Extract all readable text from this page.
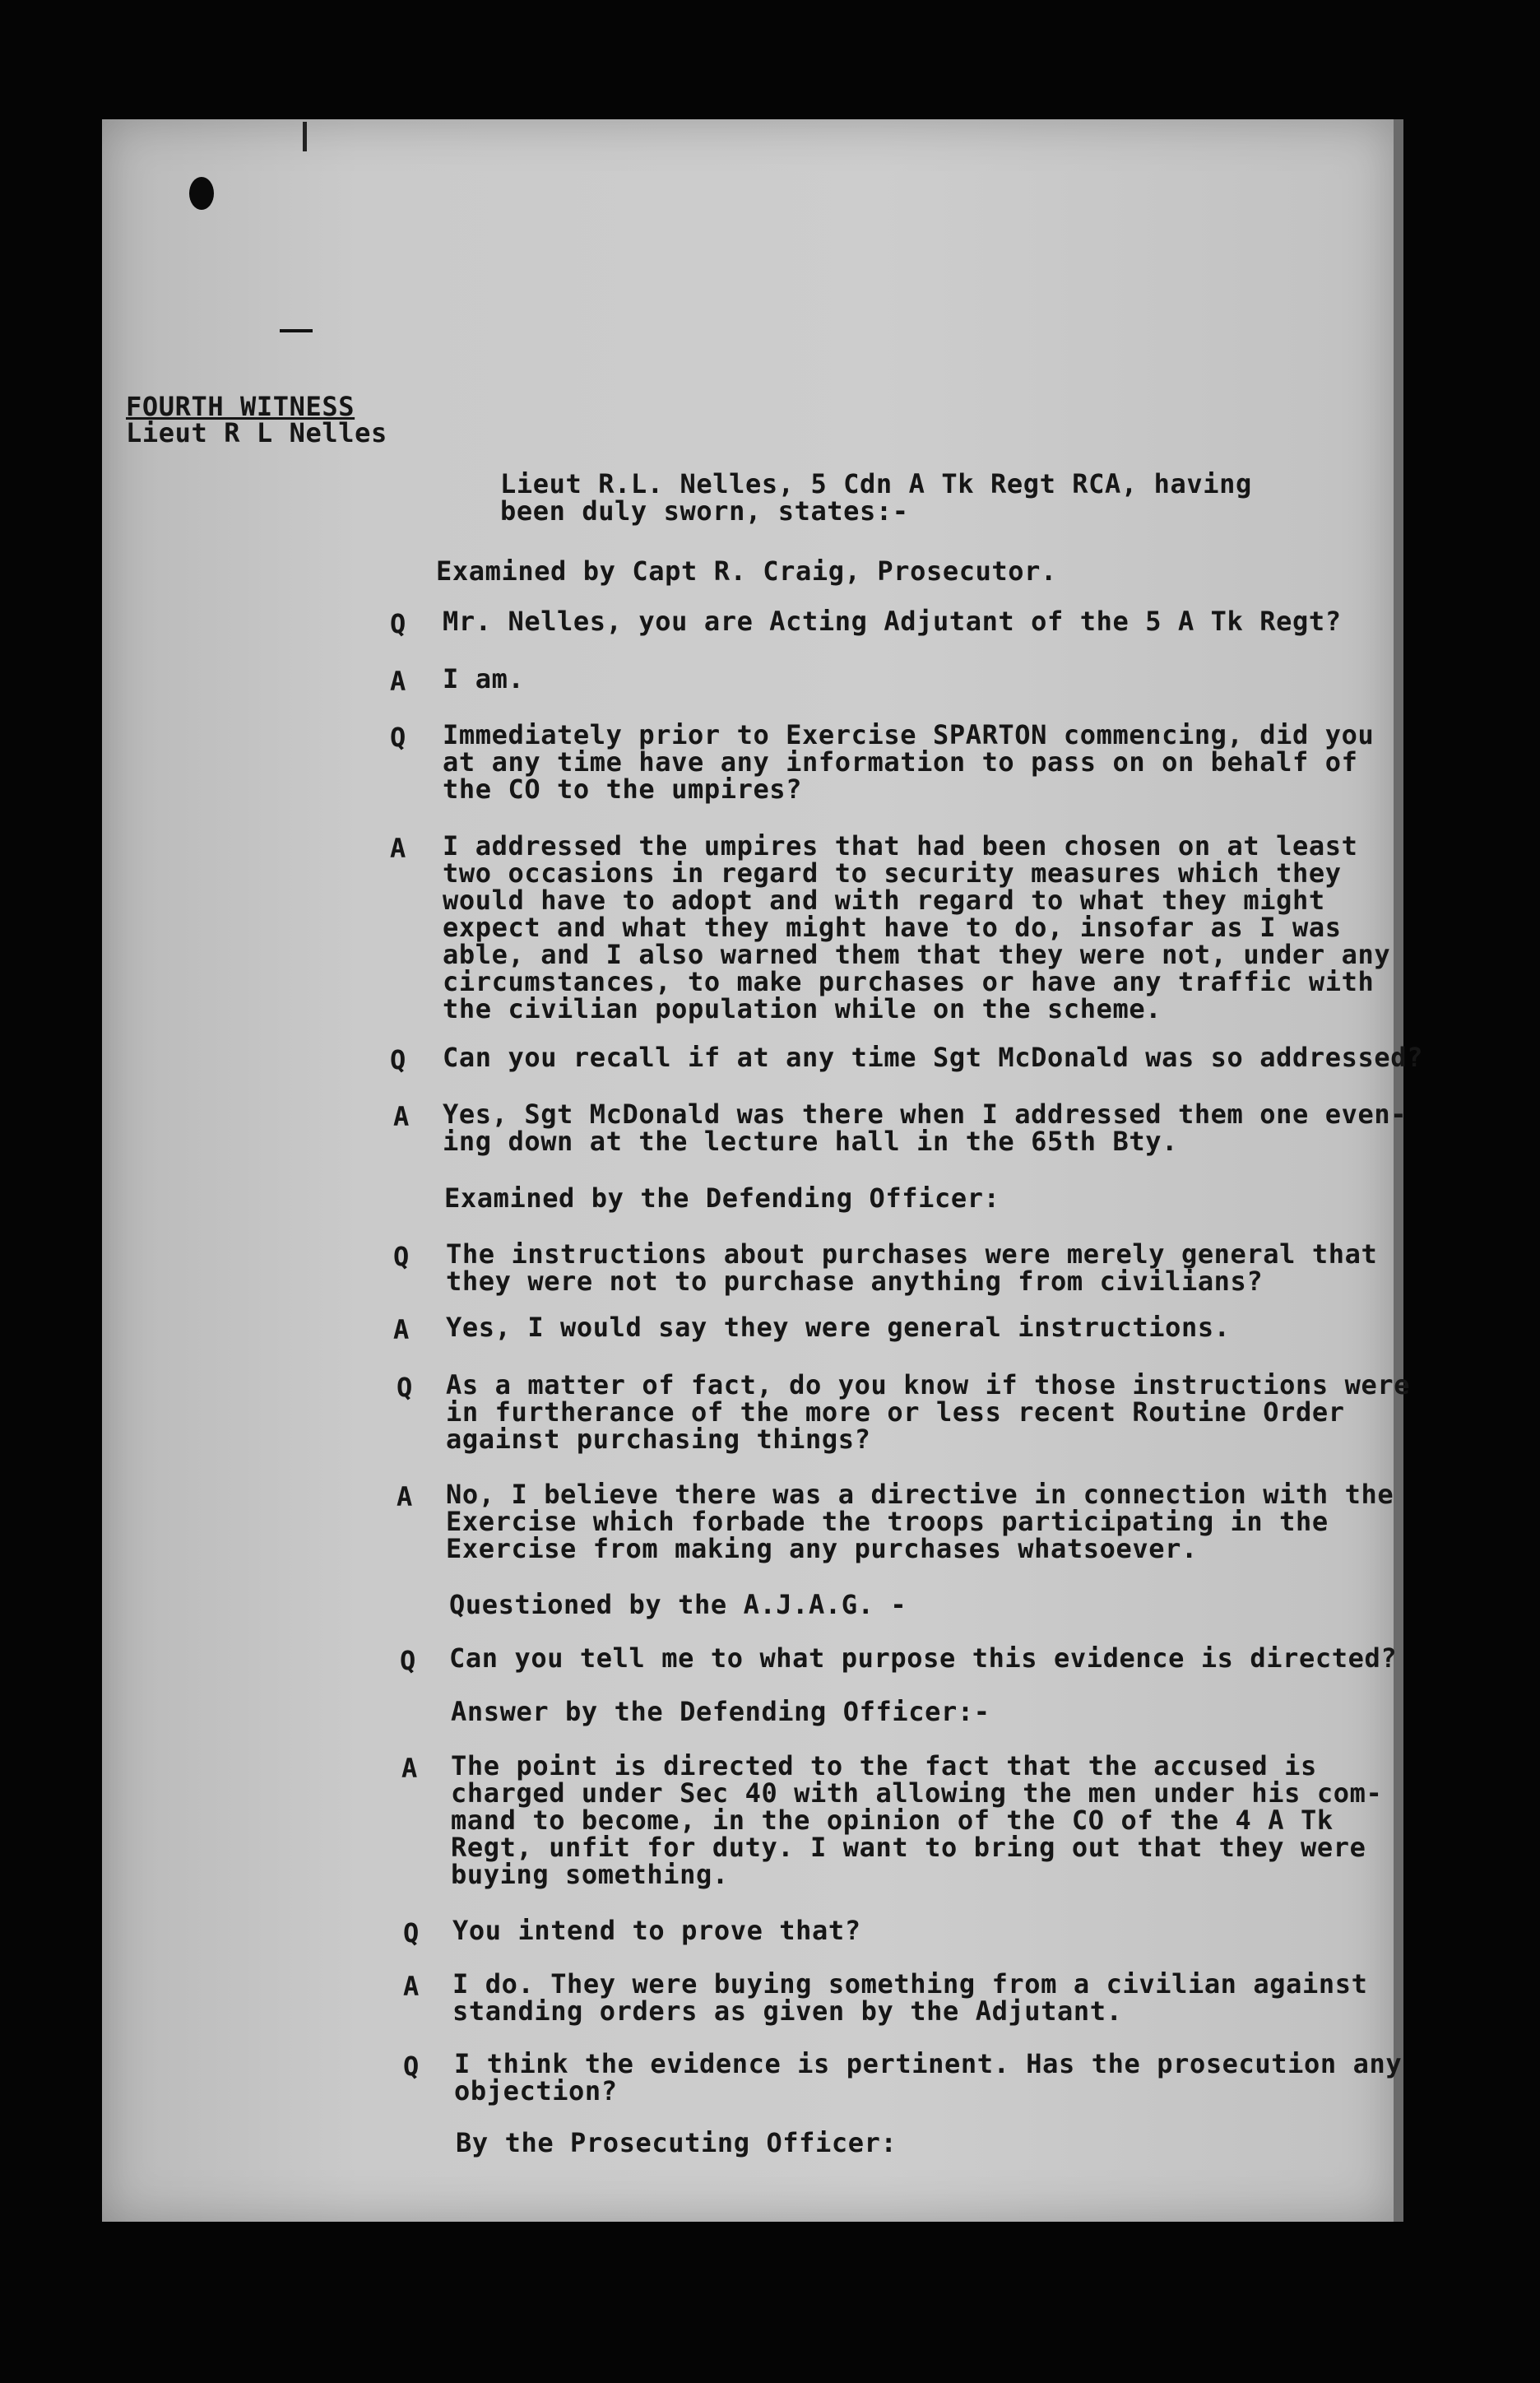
FOURTH WITNESS
Lieut R L Nelles
Lieut R.L. Nelles, 5 Cdn A Tk Regt RCA, having
been duly sworn, states:-
Examined by Capt R. Craig, Prosecutor.
Q Mr. Nelles, you are Acting Adjutant of the 5 A Tk Regt?
A I am.
Q Immediately prior to Exercise SPARTON commencing, did you
at any time have any information to pass on on behalf of
the CO to the umpires?
A I addressed the umpires that had been chosen on at least
two occasions in regard to security measures which they
would have to adopt and with regard to what they might
expect and what they might have to do, insofar as I was
able, and I also warned them that they were not, under any
circumstances, to make purchases or have any traffic with
the civilian population while on the scheme.
Q Can you recall if at any time Sgt McDonald was so addressed?
A Yes, Sgt McDonald was there when I addressed them one even-
ing down at the lecture hall in the 65th Bty.
Examined by the Defending Officer:
Q The instructions about purchases were merely general that
they were not to purchase anything from civilians?
A Yes, I would say they were general instructions.
Q As a matter of fact, do you know if those instructions were
in furtherance of the more or less recent Routine Order
against purchasing things?
A No, I believe there was a directive in connection with the
Exercise which forbade the troops participating in the
Exercise from making any purchases whatsoever.
Questioned by the A.J.A.G. -
Q Can you tell me to what purpose this evidence is directed?
Answer by the Defending Officer:-
A The point is directed to the fact that the accused is
charged under Sec 40 with allowing the men under his com-
mand to become, in the opinion of the CO of the 4 A Tk
Regt, unfit for duty. I want to bring out that they were
buying something.
Q You intend to prove that?
A I do. They were buying something from a civilian against
standing orders as given by the Adjutant.
Q I think the evidence is pertinent. Has the prosecution any
objection?
By the Prosecuting Officer:
